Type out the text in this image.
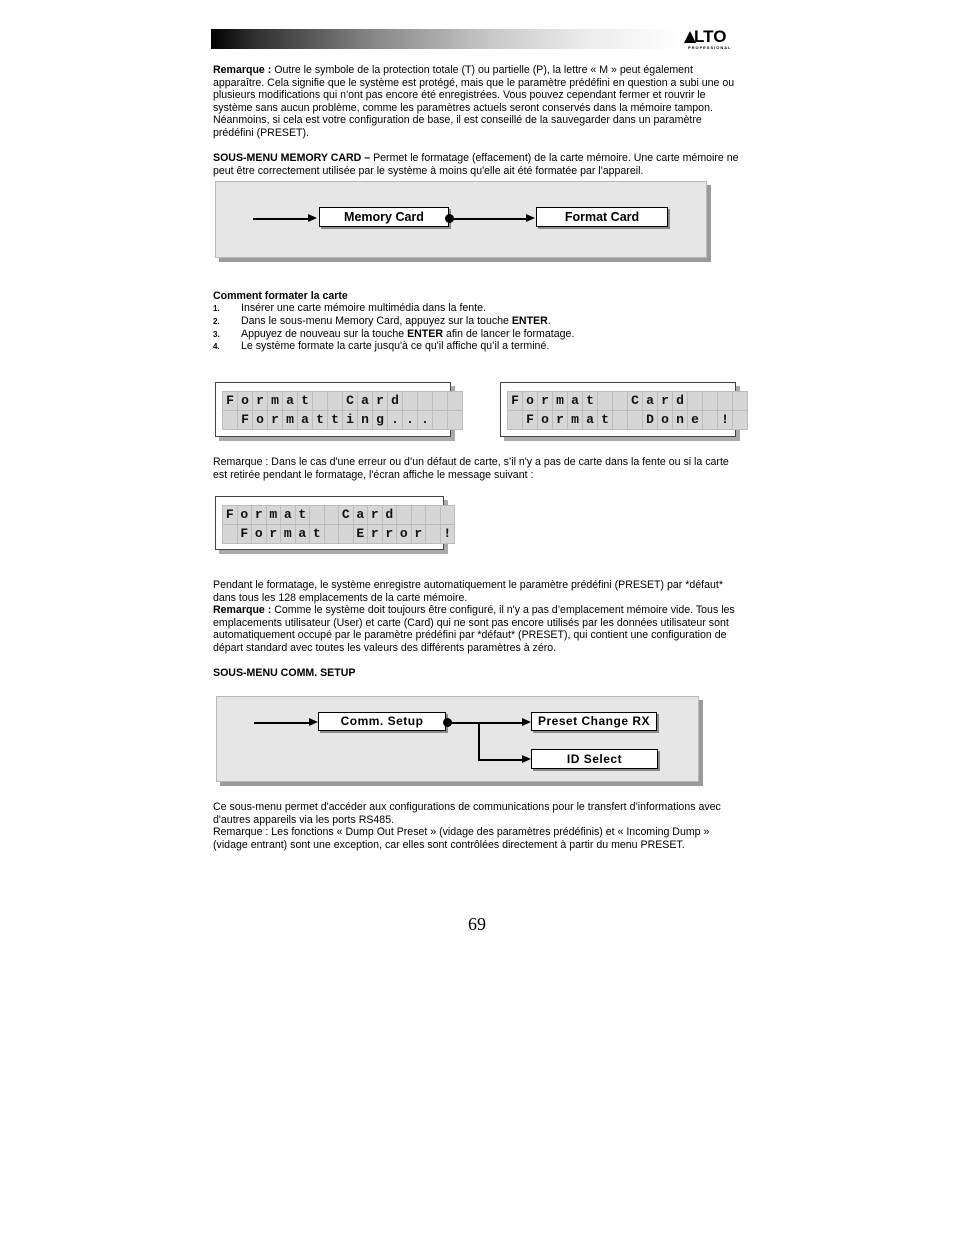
LTO
PROFESSIONAL

Remarque : Outre le symbole de la protection totale (T) ou partielle (P), la lettre « M » peut également apparaître. Cela signifie que le système est protégé, mais que le paramètre prédéfini en question a subi une ou plusieurs modifications qui n'ont pas encore été enregistrées. Vous pouvez cependant fermer et rouvrir le système sans aucun problème, comme les paramètres actuels seront conservés dans la mémoire tampon. Néanmoins, si cela est votre configuration de base, il est conseillé de la sauvegarder dans un paramètre prédéfini (PRESET).

SOUS-MENU MEMORY CARD – Permet le formatage (effacement) de la carte mémoire. Une carte mémoire ne peut être correctement utilisée par le système à moins qu'elle ait été formatée par l'appareil.

Memory Card	Format Card
Comment formater la carte
1. Insérer une carte mémoire multimédia dans la fente.
2. Dans le sous-menu Memory Card, appuyez sur la touche ENTER.
3. Appuyez de nouveau sur la touche ENTER afin de lancer le formatage.
4. Le système formate la carte jusqu'à ce qu'il affiche qu’il a terminé.
F o r m a t

	C a r d

F o r m a t t i n g . . .

F o r m a t

	C a r d

F o r m a t

	D o n e
!

Remarque : Dans le cas d'une erreur ou d’un défaut de carte, s’il n'y a pas de carte dans la fente ou si la carte est retirée pendant le formatage, l'écran affiche le message suivant :

F o r m a t

	C a r d

F o r m a t

	E r r o r
!

Pendant le formatage, le système enregistre automatiquement le paramètre prédéfini (PRESET) par *défaut* dans tous les 128 emplacements de la carte mémoire.
Remarque : Comme le système doit toujours être configuré, il n'y a pas d’emplacement mémoire vide. Tous les emplacements utilisateur (User) et carte (Card) qui ne sont pas encore utilisés par les données utilisateur sont automatiquement occupé par le paramètre prédéfini par *défaut* (PRESET), qui contient une configuration de départ standard avec toutes les valeurs des différents paramètres à zéro.

SOUS-MENU COMM. SETUP
Comm. Setup	Preset Change RX
ID Select

Ce sous-menu permet d'accéder aux configurations de communications pour le transfert d’informations avec d'autres appareils via les ports RS485.
Remarque : Les fonctions « Dump Out Preset » (vidage des paramètres prédéfinis) et « Incoming Dump » (vidage entrant) sont une exception, car elles sont contrôlées directement à partir du menu PRESET.

69
